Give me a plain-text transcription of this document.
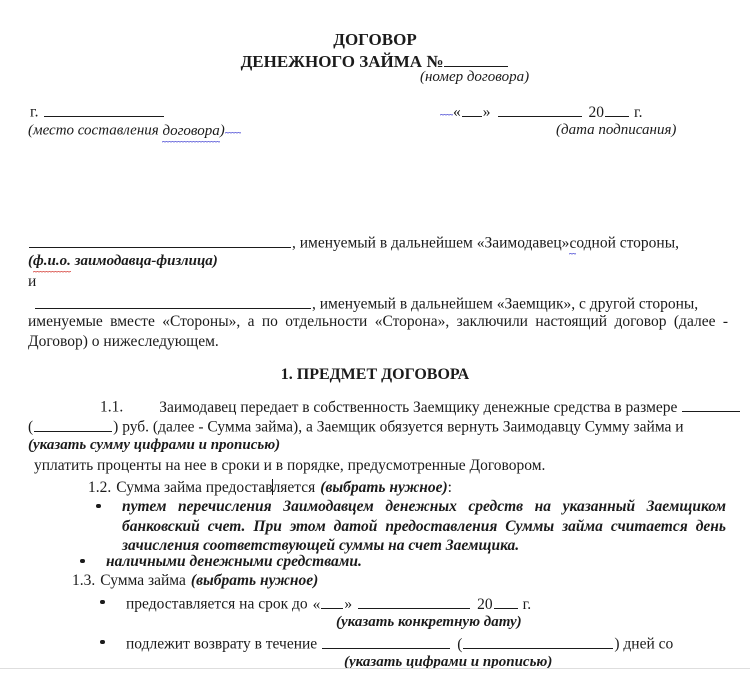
ДОГОВОР
ДЕНЕЖНОГО ЗАЙМА №
(номер договора)
г.
(место составления договора)
« »	20 г.
(дата подписания)
, именуемый в дальнейшем «Заимодавец»содной стороны,
(ф.и.о. заимодавца-физлица)
и
, именуемый в дальнейшем «Заемщик», с другой стороны,
именуемые вместе «Стороны», а по отдельности «Сторона», заключили настоящий договор (далее - Договор) о нижеследующем.
1. ПРЕДМЕТ ДОГОВОРА
1.1. Заимодавец передает в собственность Заемщику денежные средства в размере
(	) руб. (далее - Сумма займа), а Заемщик обязуется вернуть Заимодавцу Сумму займа и
(указать сумму цифрами и прописью)
уплатить проценты на нее в сроки и в порядке, предусмотренные Договором.
1.2. Сумма займа предоставляется (выбрать нужное):
путем перечисления Заимодавцем денежных средств на указанный Заемщиком банковский счет. При этом датой предоставления Суммы займа считается день зачисления соответствующей суммы на счет Заемщика.
наличными денежными средствами.
1.3. Сумма займа (выбрать нужное)
предоставляется на срок до « »	20 г.
(указать конкретную дату)
подлежит возврату в течение	(	) дней со
(указать цифрами и прописью)
